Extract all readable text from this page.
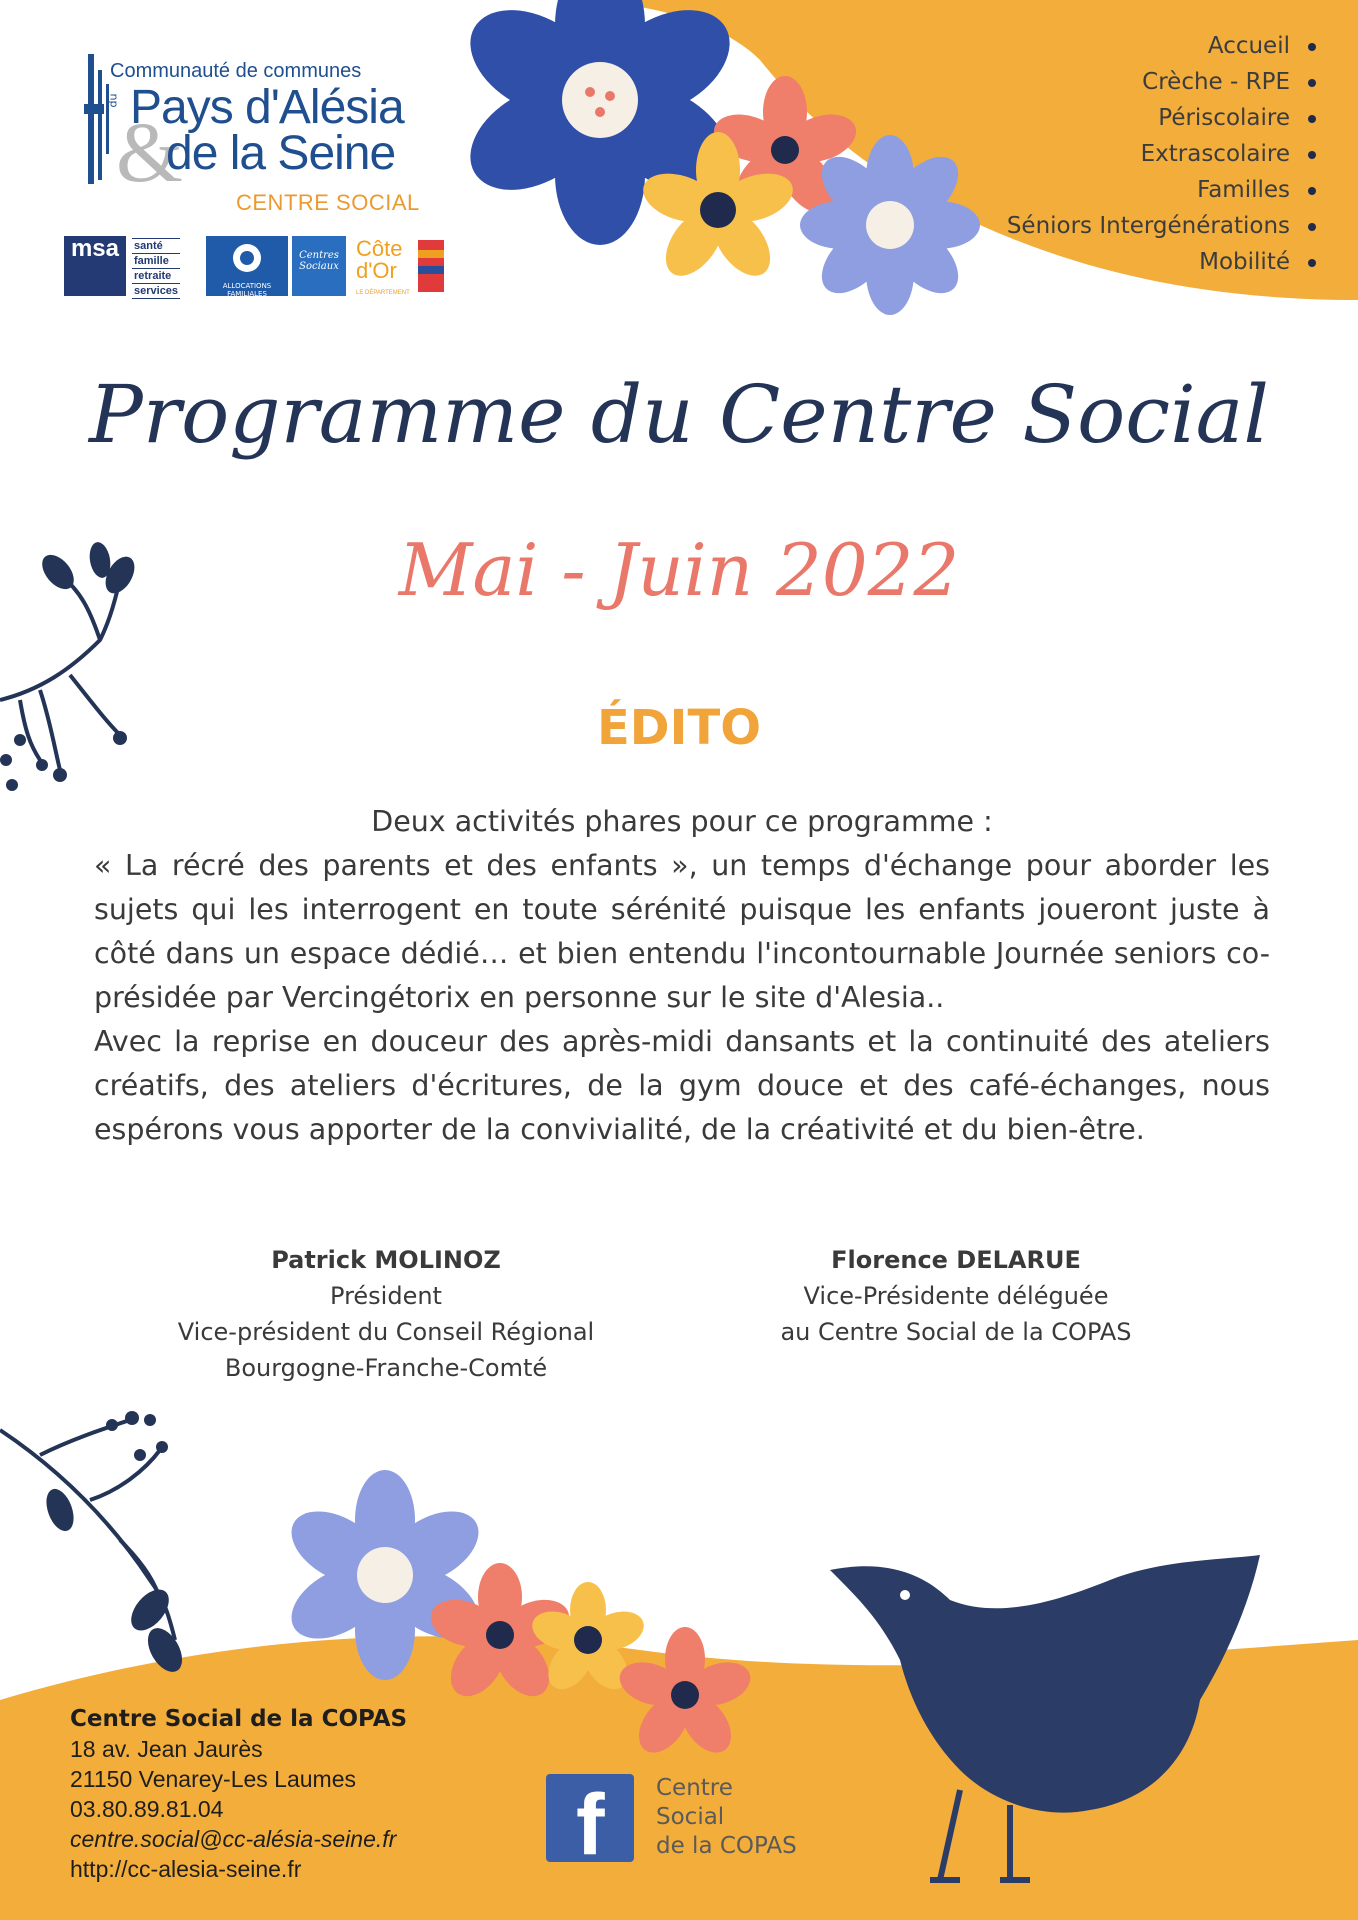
Communauté de communes
du
&
Pays d'Alésia
de la Seine
CENTRE SOCIAL
msa	santé
famille
retraite
services	ALLOCATIONS FAMILIALES
Centres Sociaux
Côte
d'Or
LE DÉPARTEMENT
Accueil
Crèche - RPE
Périscolaire
Extrascolaire
Familles
Séniors Intergénérations
Mobilité
Programme du Centre Social
Mai - Juin 2022
ÉDITO

Deux activités phares pour ce programme :

« La récré des parents et des enfants », un temps d'échange pour aborder les sujets qui les interrogent en toute sérénité puisque les enfants joueront juste à côté dans un espace dédié… et bien entendu l'incontournable Journée seniors co-présidée par Vercingétorix en personne sur le site d'Alesia..

Avec la reprise en douceur des après-midi dansants et la continuité des ateliers créatifs, des ateliers d'écritures, de la gym douce et des café-échanges, nous espérons vous apporter de la convivialité, de la créativité et du bien-être.

Patrick MOLINOZ
Président
Vice-président du Conseil Régional
Bourgogne-Franche-Comté
Florence DELARUE
Vice-Présidente déléguée
au Centre Social de la COPAS
Centre Social de la COPAS
18 av. Jean Jaurès
21150 Venarey-Les Laumes
03.80.89.81.04
centre.social@cc-alésia-seine.fr
http://cc-alesia-seine.fr	f Centre
Social
de la COPAS
